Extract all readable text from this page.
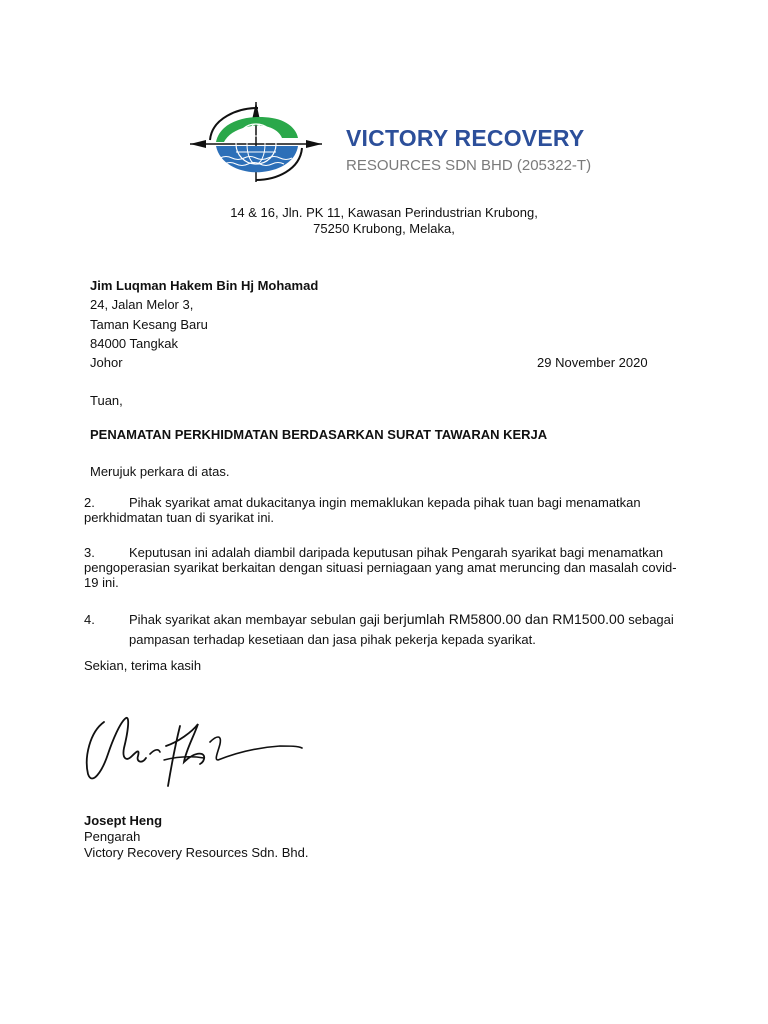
VICTORY RECOVERY
RESOURCES SDN BHD (205322-T)
14 & 16, Jln. PK 11, Kawasan Perindustrian Krubong,
75250 Krubong, Melaka,
Jim Luqman Hakem Bin Hj Mohamad
24, Jalan Melor 3,
Taman Kesang Baru
84000 Tangkak
Johor	29 November 2020
Tuan,
PENAMATAN PERKHIDMATAN BERDASARKAN SURAT TAWARAN KERJA
Merujuk perkara di atas.
2.	Pihak syarikat amat dukacitanya ingin memaklukan kepada pihak tuan bagi menamatkan perkhidmatan tuan di syarikat ini.
3.	Keputusan ini adalah diambil daripada keputusan pihak Pengarah syarikat bagi menamatkan pengoperasian syarikat berkaitan dengan situasi perniagaan yang amat meruncing dan masalah covid-19 ini.
4.	Pihak syarikat akan membayar sebulan gaji berjumlah RM5800.00 dan RM1500.00 sebagai
pampasan terhadap kesetiaan dan jasa pihak pekerja kepada syarikat.
Sekian, terima kasih
Josept Heng
Pengarah
Victory Recovery Resources Sdn. Bhd.
